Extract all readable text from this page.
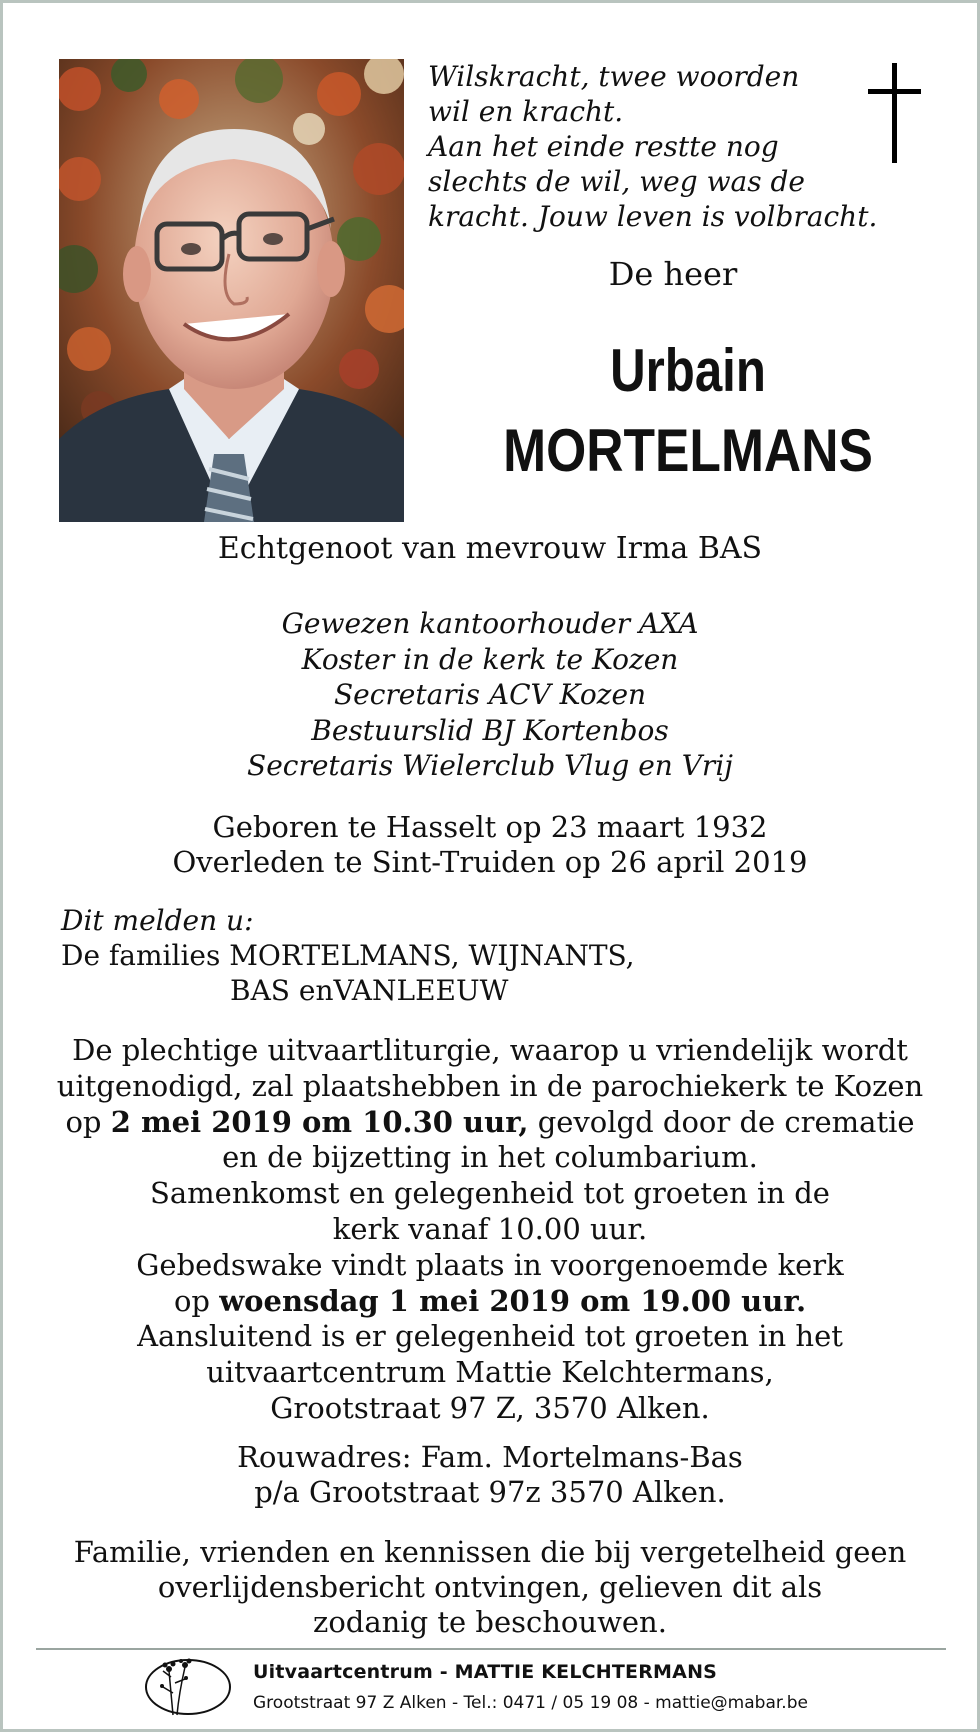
Wilskracht, twee woorden
wil en kracht.
Aan het einde restte nog
slechts de wil, weg was de
kracht. Jouw leven is volbracht.
De heer
Urbain
MORTELMANS
Echtgenoot van mevrouw Irma BAS
Gewezen kantoorhouder AXA
Koster in de kerk te Kozen
Secretaris ACV Kozen
Bestuurslid BJ Kortenbos
Secretaris Wielerclub Vlug en Vrij
Geboren te Hasselt op 23 maart 1932
Overleden te Sint-Truiden op 26 april 2019
Dit melden u:
De families MORTELMANS, WIJNANTS,
BAS enVANLEEUW
De plechtige uitvaartliturgie, waarop u vriendelijk wordt
uitgenodigd, zal plaatshebben in de parochiekerk te Kozen
op 2 mei 2019 om 10.30 uur, gevolgd door de crematie
en de bijzetting in het columbarium.
Samenkomst en gelegenheid tot groeten in de
kerk vanaf 10.00 uur.
Gebedswake vindt plaats in voorgenoemde kerk
op woensdag 1 mei 2019 om 19.00 uur.
Aansluitend is er gelegenheid tot groeten in het
uitvaartcentrum Mattie Kelchtermans,
Grootstraat 97 Z, 3570 Alken.
Rouwadres: Fam. Mortelmans-Bas
p/a Grootstraat 97z 3570 Alken.
Familie, vrienden en kennissen die bij vergetelheid geen
overlijdensbericht ontvingen, gelieven dit als
zodanig te beschouwen.
Uitvaartcentrum - MATTIE KELCHTERMANS
Grootstraat 97 Z Alken - Tel.: 0471 / 05 19 08 - mattie@mabar.be
